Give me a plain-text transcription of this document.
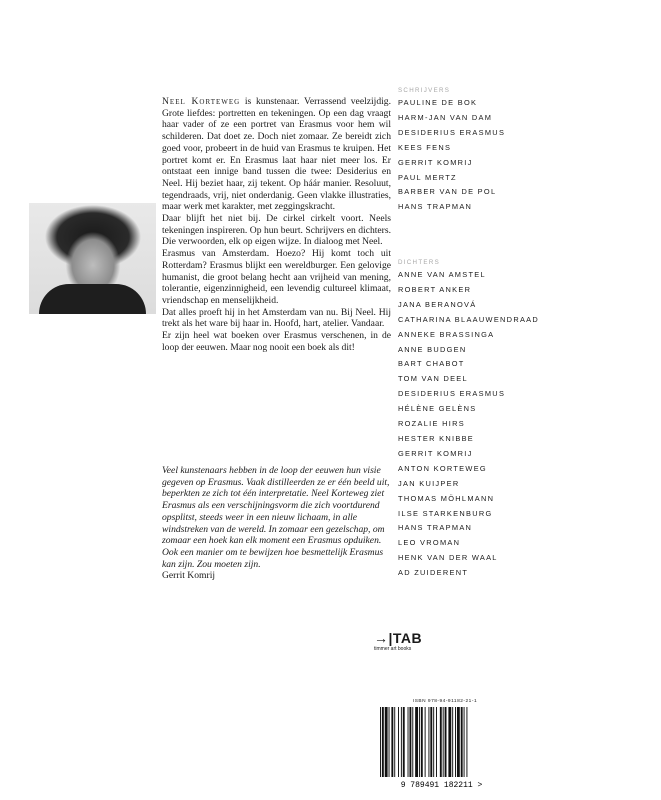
Neel Korteweg is kunstenaar. Verrassend veelzijdig. Grote liefdes: portretten en tekeningen. Op een dag vraagt haar vader of ze een portret van Erasmus voor hem wil schilderen. Dat doet ze. Doch niet zomaar. Ze bereidt zich goed voor, probeert in de huid van Erasmus te kruipen. Het portret komt er. En Erasmus laat haar niet meer los. Er ontstaat een innige band tussen die twee: Desiderius en Neel. Hij beziet haar, zij tekent. Op háár manier. Resoluut, tegendraads, vrij, niet onderdanig. Geen vlakke illustraties, maar werk met karakter, met zeggingskracht.

Daar blijft het niet bij. De cirkel cirkelt voort. Neels tekeningen inspireren. Op hun beurt. Schrijvers en dichters. Die verwoorden, elk op eigen wijze. In dialoog met Neel.

Erasmus van Amsterdam. Hoezo? Hij komt toch uit Rotterdam? Erasmus blijkt een wereldburger. Een gelovige humanist, die groot belang hecht aan vrijheid van mening, tolerantie, eigenzinnigheid, een levendig cultureel klimaat, vriendschap en menselijkheid.

Dat alles proeft hij in het Amsterdam van nu. Bij Neel. Hij trekt als het ware bij haar in. Hoofd, hart, atelier. Vandaar.

Er zijn heel wat boeken over Erasmus verschenen, in de loop der eeuwen. Maar nog nooit een boek als dit!

Veel kunstenaars hebben in de loop der eeuwen hun visie gegeven op Erasmus. Vaak distilleerden ze er één beeld uit, beperkten ze zich tot één interpretatie. Neel Korteweg ziet Erasmus als een verschijningsvorm die zich voortdurend opsplitst, steeds weer in een nieuw lichaam, in alle windstreken van de wereld. In zomaar een gezelschap, om zomaar een hoek kan elk moment een Erasmus opduiken. Ook een manier om te bewijzen hoe besmettelijk Erasmus kan zijn. Zou moeten zijn.
Gerrit Komrij
SCHRIJVERS
PAULINE DE BOK
HARM-JAN VAN DAM
DESIDERIUS ERASMUS
KEES FENS
GERRIT KOMRIJ
PAUL MERTZ
BARBER VAN DE POL
HANS TRAPMAN
DICHTERS
ANNE VAN AMSTEL
ROBERT ANKER
JANA BERANOVÁ
CATHARINA BLAAUWENDRAAD
ANNEKE BRASSINGA
ANNE BUDGEN
BART CHABOT
TOM VAN DEEL
DESIDERIUS ERASMUS
HÉLÈNE GELÈNS
ROZALIE HIRS
HESTER KNIBBE
GERRIT KOMRIJ
ANTON KORTEWEG
JAN KUIJPER
THOMAS MÖHLMANN
ILSE STARKENBURG
HANS TRAPMAN
LEO VROMAN
HENK VAN DER WAAL
AD ZUIDERENT
→|TAB
timmer art books
ISBN 978-94-91182-21-1
9 789491 182211 >
